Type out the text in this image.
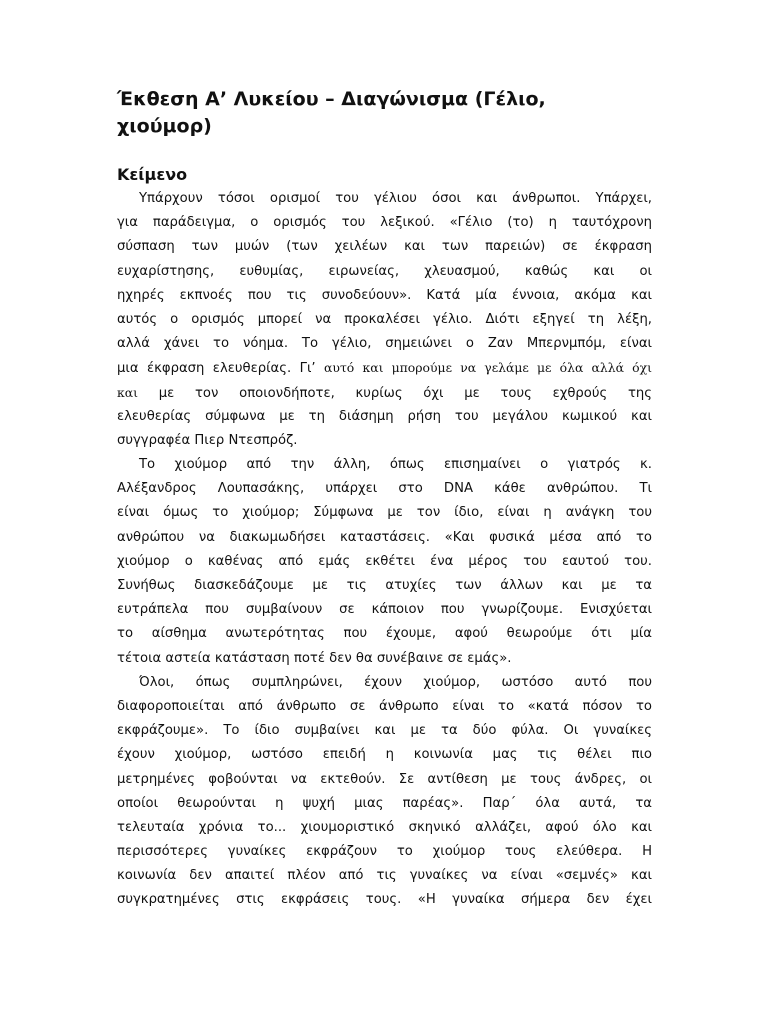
Έκθεση Α’ Λυκείου – Διαγώνισμα (Γέλιο,
χιούμορ)
Κείμενο
Υπάρχουν τόσοι ορισμοί του γέλιου όσοι και άνθρωποι. Υπάρχει,
για παράδειγμα, ο ορισμός του λεξικού. «Γέλιο (το) η ταυτόχρονη
σύσπαση των μυών (των χειλέων και των παρειών) σε έκφραση
ευχαρίστησης, ευθυμίας, ειρωνείας, χλευασμού, καθώς και οι
ηχηρές εκπνοές που τις συνοδεύουν». Κατά μία έννοια, ακόμα και
αυτός ο ορισμός μπορεί να προκαλέσει γέλιο. Διότι εξηγεί τη λέξη,
αλλά χάνει το νόημα. Το γέλιο, σημειώνει ο Ζαν Μπερνμπόμ, είναι
μια έκφραση ελευθερίας. Γι’ αυτό και μπορούμε να γελάμε με όλα αλλά όχι
και με τον οποιονδήποτε, κυρίως όχι με τους εχθρούς της
ελευθερίας σύμφωνα με τη διάσημη ρήση του μεγάλου κωμικού και
συγγραφέα Πιερ Ντεσπρόζ.
Το χιούμορ από την άλλη, όπως επισημαίνει ο γιατρός κ.
Αλέξανδρος Λουπασάκης, υπάρχει στο DNA κάθε ανθρώπου. Τι
είναι όμως το χιούμορ; Σύμφωνα με τον ίδιο, είναι η ανάγκη του
ανθρώπου να διακωμωδήσει καταστάσεις. «Και φυσικά μέσα από το
χιούμορ ο καθένας από εμάς εκθέτει ένα μέρος του εαυτού του.
Συνήθως διασκεδάζουμε με τις ατυχίες των άλλων και με τα
ευτράπελα που συμβαίνουν σε κάποιον που γνωρίζουμε. Ενισχύεται
το αίσθημα ανωτερότητας που έχουμε, αφού θεωρούμε ότι μία
τέτοια αστεία κατάσταση ποτέ δεν θα συνέβαινε σε εμάς».
Όλοι, όπως συμπληρώνει, έχουν χιούμορ, ωστόσο αυτό που
διαφοροποιείται από άνθρωπο σε άνθρωπο είναι το «κατά πόσον το
εκφράζουμε». Το ίδιο συμβαίνει και με τα δύο φύλα. Οι γυναίκες
έχουν χιούμορ, ωστόσο επειδή η κοινωνία μας τις θέλει πιο
μετρημένες φοβούνται να εκτεθούν. Σε αντίθεση με τους άνδρες, οι
οποίοι θεωρούνται η ψυχή μιας παρέας». Παρ΄ όλα αυτά, τα
τελευταία χρόνια το... χιουμοριστικό σκηνικό αλλάζει, αφού όλο και
περισσότερες γυναίκες εκφράζουν το χιούμορ τους ελεύθερα. Η
κοινωνία δεν απαιτεί πλέον από τις γυναίκες να είναι «σεμνές» και
συγκρατημένες στις εκφράσεις τους. «Η γυναίκα σήμερα δεν έχει
